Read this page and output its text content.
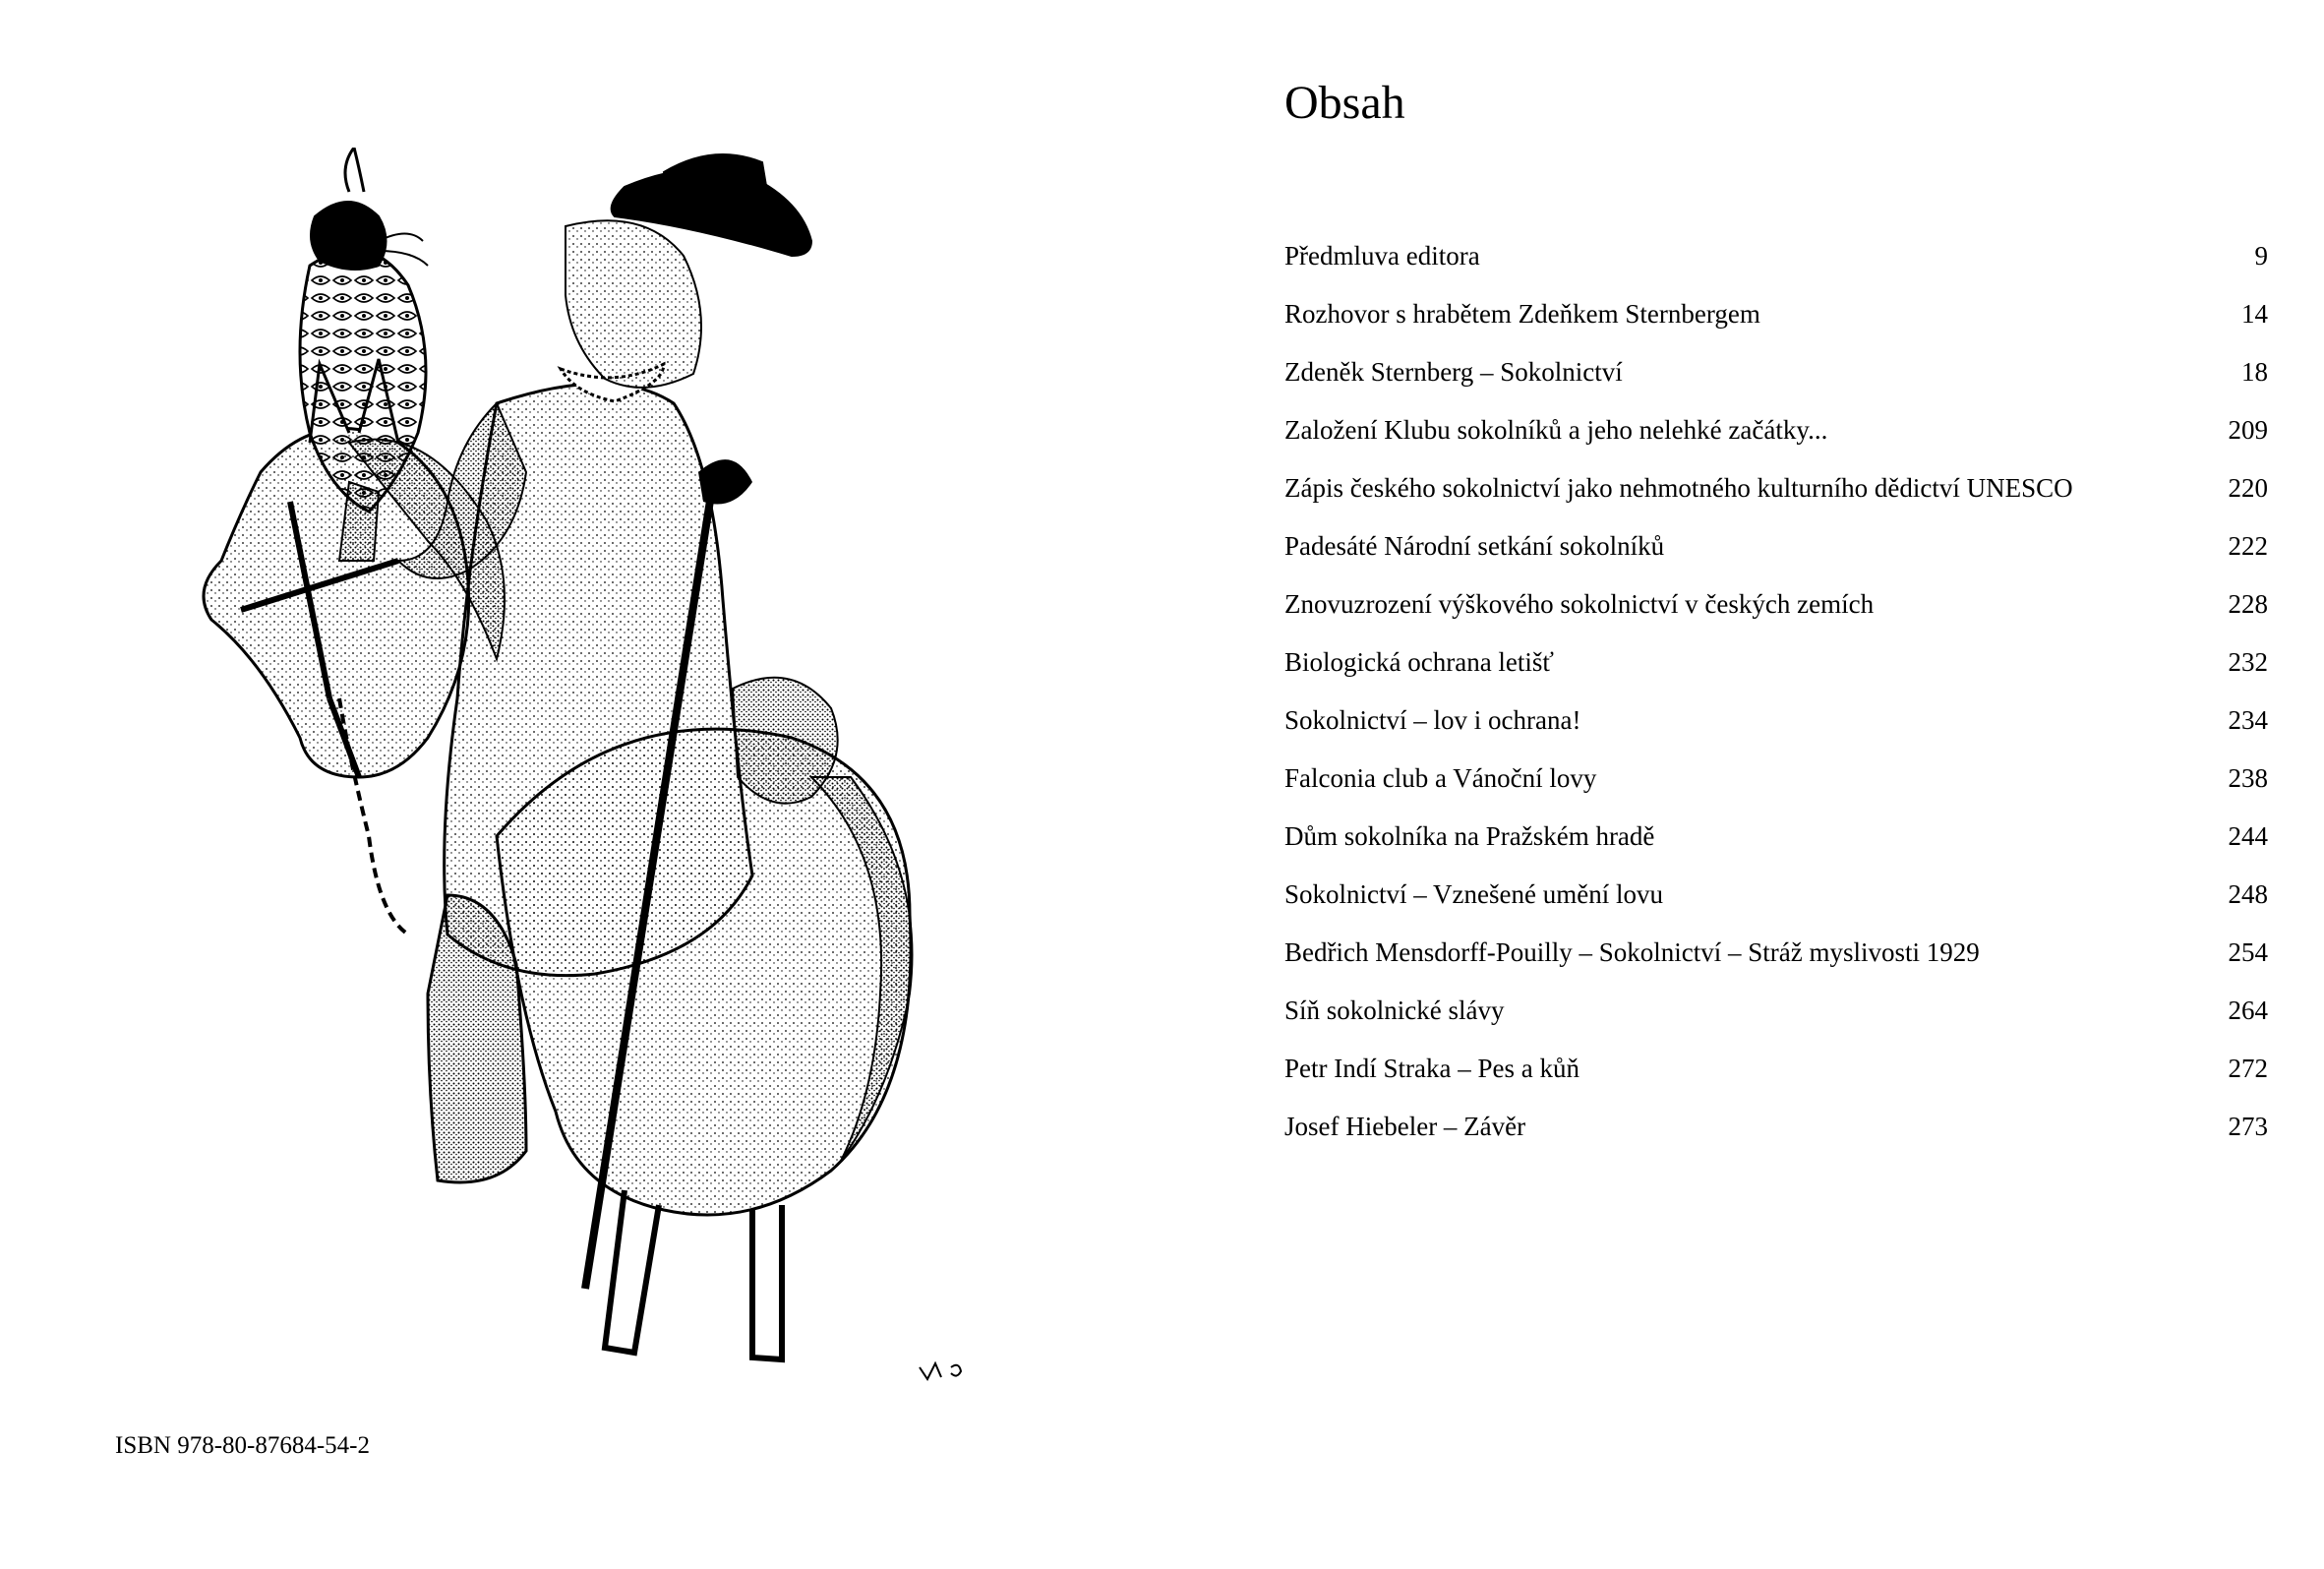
ISBN 978-80-87684-54-2
Obsah
Předmluva editora	9
Rozhovor s hrabětem Zdeňkem Sternbergem	14
Zdeněk Sternberg – Sokolnictví	18
Založení Klubu sokolníků a jeho nelehké začátky...	209
Zápis českého sokolnictví jako nehmotného kulturního dědictví UNESCO	220
Padesáté Národní setkání sokolníků	222
Znovuzrození výškového sokolnictví v českých zemích	228
Biologická ochrana letišť	232
Sokolnictví – lov i ochrana!	234
Falconia club a Vánoční lovy	238
Dům sokolníka na Pražském hradě	244
Sokolnictví – Vznešené umění lovu	248
Bedřich Mensdorff-Pouilly – Sokolnictví – Stráž myslivosti 1929	254
Síň sokolnické slávy	264
Petr Indí Straka – Pes a kůň	272
Josef Hiebeler – Závěr	273
